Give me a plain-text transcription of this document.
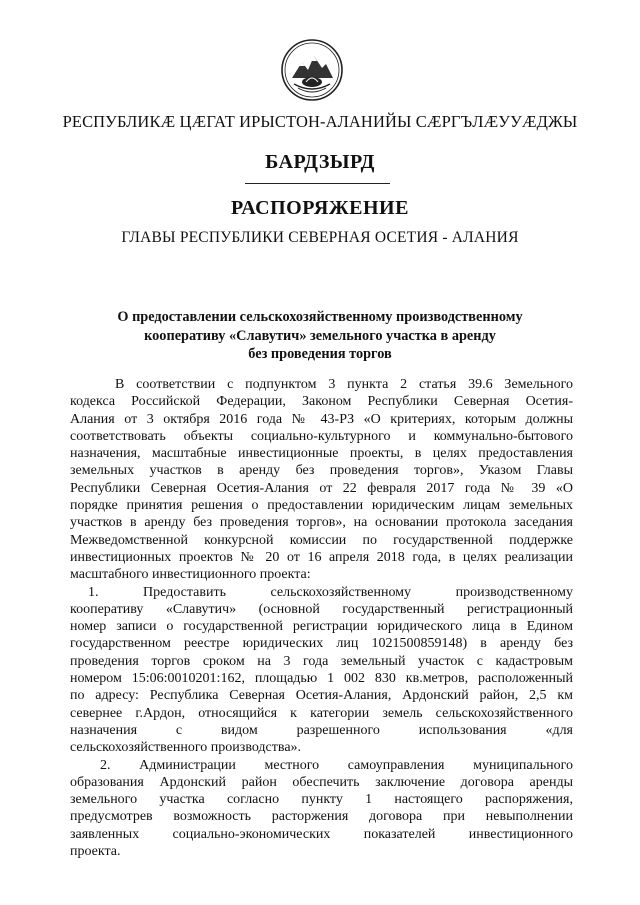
РЕСПУБЛИКӔ ЦӔГАТ ИРЫСТОН-АЛАНИЙЫ СӔРГЪЛӔУУӔДЖЫ
БАРДЗЫРД
РАСПОРЯЖЕНИЕ
ГЛАВЫ РЕСПУБЛИКИ СЕВЕРНАЯ ОСЕТИЯ - АЛАНИЯ
О предоставлении сельскохозяйственному производственному
кооперативу «Славутич» земельного участка в аренду
без проведения торгов
В соответствии с подпунктом 3 пункта 2 статья 39.6 Земельного
кодекса Российской Федерации, Законом Республики Северная Осетия-
Алания от 3 октября 2016 года № 43-РЗ «О критериях, которым должны
соответствовать объекты социально-культурного и коммунально-бытового
назначения, масштабные инвестиционные проекты, в целях предоставления
земельных участков в аренду без проведения торгов», Указом Главы
Республики Северная Осетия-Алания от 22 февраля 2017 года № 39 «О
порядке принятия решения о предоставлении юридическим лицам земельных
участков в аренду без проведения торгов», на основании протокола заседания
Межведомственной конкурсной комиссии по государственной поддержке
инвестиционных проектов № 20 от 16 апреля 2018 года, в целях реализации
масштабного инвестиционного проекта:
1. Предоставить сельскохозяйственному производственному
кооперативу «Славутич» (основной государственный регистрационный
номер записи о государственной регистрации юридического лица в Едином
государственном реестре юридических лиц 1021500859148) в аренду без
проведения торгов сроком на 3 года земельный участок с кадастровым
номером 15:06:0010201:162, площадью 1 002 830 кв.метров, расположенный
по адресу: Республика Северная Осетия-Алания, Ардонский район, 2,5 км
севернее г.Ардон, относящийся к категории земель сельскохозяйственного
назначения с видом разрешенного использования «для
сельскохозяйственного производства».
2. Администрации местного самоуправления муниципального
образования Ардонский район обеспечить заключение договора аренды
земельного участка согласно пункту 1 настоящего распоряжения,
предусмотрев возможность расторжения договора при невыполнении
заявленных социально-экономических показателей инвестиционного
проекта.
